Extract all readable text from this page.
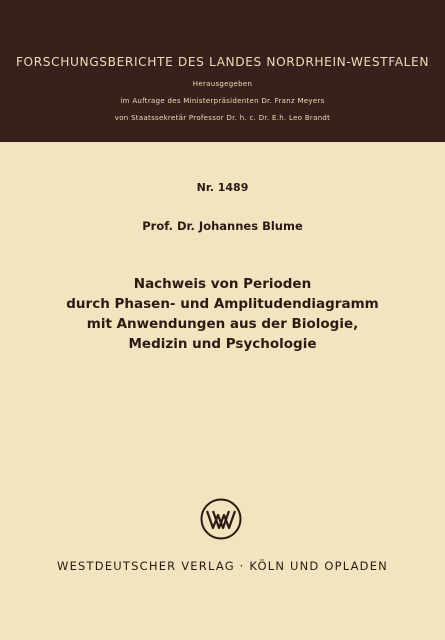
FORSCHUNGSBERICHTE DES LANDES NORDRHEIN-WESTFALEN
Herausgegeben
im Auftrage des Ministerpräsidenten Dr. Franz Meyers
von Staatssekretär Professor Dr. h. c. Dr. E.h. Leo Brandt
Nr. 1489
Prof. Dr. Johannes Blume
Nachweis von Perioden
durch Phasen- und Amplitudendiagramm
mit Anwendungen aus der Biologie,
Medizin und Psychologie
WESTDEUTSCHER VERLAG · KÖLN UND OPLADEN
